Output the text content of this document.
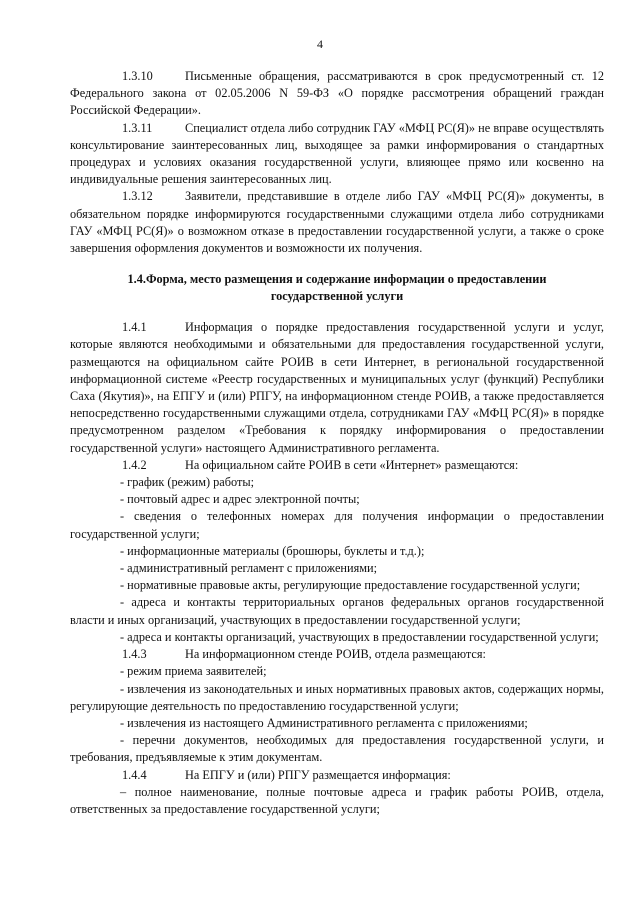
4

1.3.10	Письменные обращения, рассматриваются в срок предусмотренный ст. 12 Федерального закона от 02.05.2006 N 59-ФЗ «О порядке рассмотрения обращений граждан Российской Федерации».

1.3.11	Специалист отдела либо сотрудник ГАУ «МФЦ РС(Я)» не вправе осуществлять консультирование заинтересованных лиц, выходящее за рамки информирования о стандартных процедурах и условиях оказания государственной услуги, влияющее прямо или косвенно на индивидуальные решения заинтересованных лиц.

1.3.12	Заявители, представившие в отделе либо ГАУ «МФЦ РС(Я)» документы, в обязательном порядке информируются государственными служащими отдела либо сотрудниками ГАУ «МФЦ РС(Я)» о возможном отказе в предоставлении государственной услуги, а также о сроке завершения оформления документов и возможности их получения.

1.4.Форма, место размещения и содержание информации о предоставлении государственной услуги

1.4.1	Информация о порядке предоставления государственной услуги и услуг, которые являются необходимыми и обязательными для предоставления государственной услуги, размещаются на официальном сайте РОИВ в сети Интернет, в региональной государственной информационной системе «Реестр государственных и муниципальных услуг (функций) Республики Саха (Якутия)», на ЕПГУ и (или) РПГУ, на информационном стенде РОИВ, а также предоставляется непосредственно государственными служащими отдела, сотрудниками ГАУ «МФЦ РС(Я)» в порядке предусмотренном разделом «Требования к порядку информирования о предоставлении государственной услуги» настоящего Административного регламента.

1.4.2	На официальном сайте РОИВ в сети «Интернет» размещаются:

- график (режим) работы;

- почтовый адрес и адрес электронной почты;

- сведения о телефонных номерах для получения информации о предоставлении государственной услуги;

- информационные материалы (брошюры, буклеты и т.д.);

- административный регламент с приложениями;

- нормативные правовые акты, регулирующие предоставление государственной услуги;

- адреса и контакты территориальных органов федеральных органов государственной власти и иных организаций, участвующих в предоставлении государственной услуги;

- адреса и контакты организаций, участвующих в предоставлении государственной услуги;

1.4.3	На информационном стенде РОИВ, отдела размещаются:

- режим приема заявителей;

- извлечения из законодательных и иных нормативных правовых актов, содержащих нормы, регулирующие деятельность по предоставлению государственной услуги;

- извлечения из настоящего Административного регламента с приложениями;

- перечни документов, необходимых для предоставления государственной услуги, и требования, предъявляемые к этим документам.

1.4.4	На ЕПГУ и (или) РПГУ размещается информация:

– полное наименование, полные почтовые адреса и график работы РОИВ, отдела, ответственных за предоставление государственной услуги;
